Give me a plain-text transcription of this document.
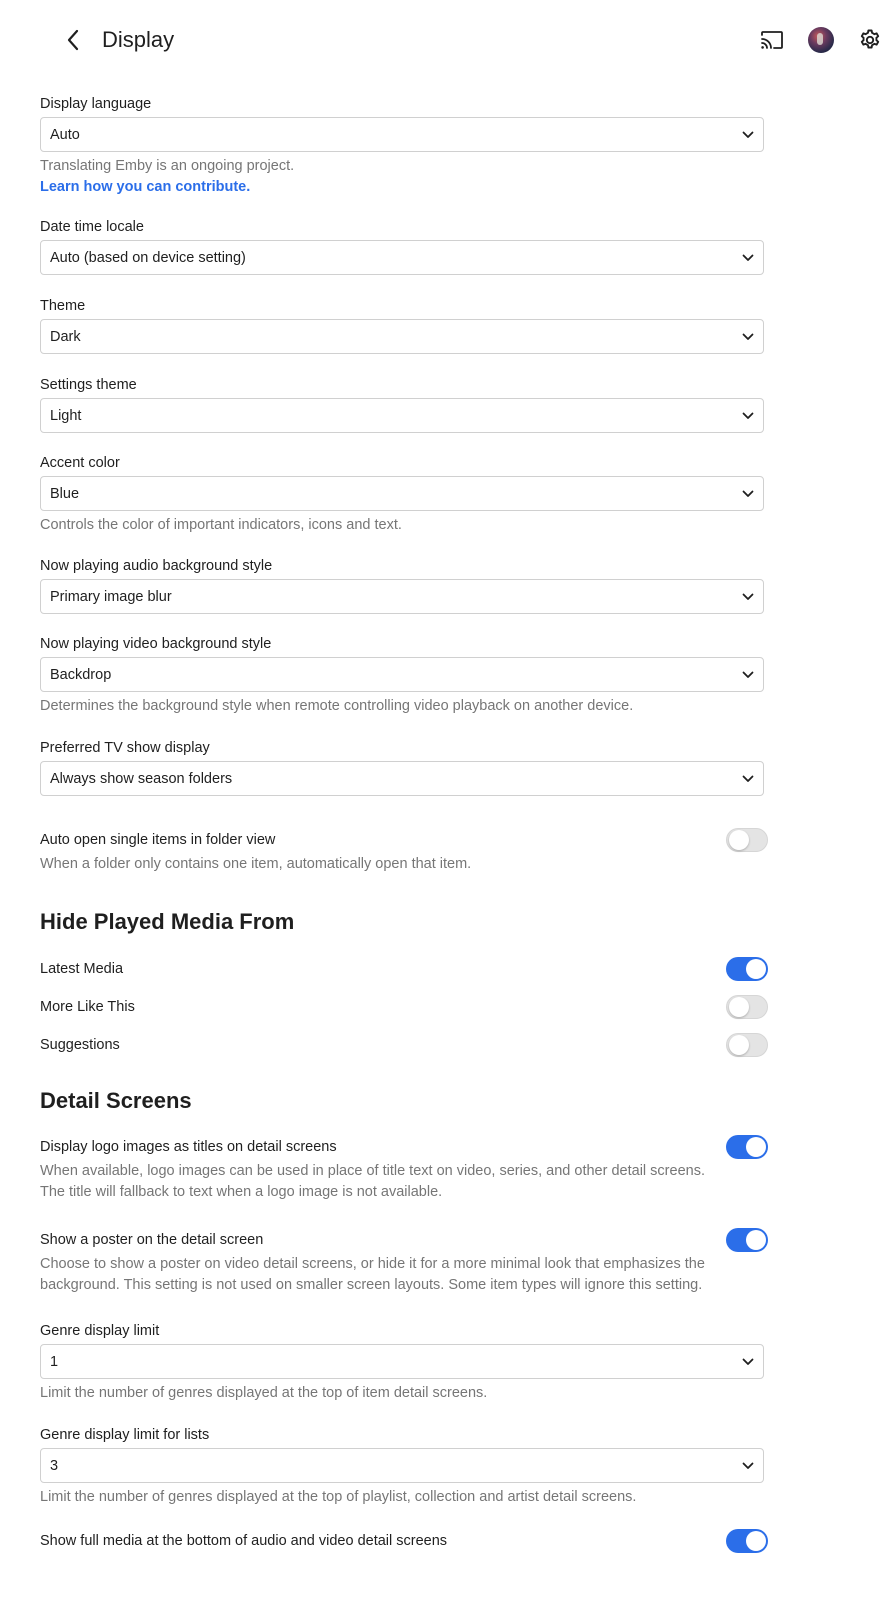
Display
Display language
Auto
Translating Emby is an ongoing project.
Learn how you can contribute.
Date time locale
Auto (based on device setting)
Theme
Dark
Settings theme
Light
Accent color
Blue
Controls the color of important indicators, icons and text.
Now playing audio background style
Primary image blur
Now playing video background style
Backdrop
Determines the background style when remote controlling video playback on another device.
Preferred TV show display
Always show season folders
Auto open single items in folder view
When a folder only contains one item, automatically open that item.
Hide Played Media From
Latest Media
More Like This
Suggestions
Detail Screens
Display logo images as titles on detail screens
When available, logo images can be used in place of title text on video, series, and other detail screens.
The title will fallback to text when a logo image is not available.
Show a poster on the detail screen
Choose to show a poster on video detail screens, or hide it for a more minimal look that emphasizes the
background. This setting is not used on smaller screen layouts. Some item types will ignore this setting.
Genre display limit
1
Limit the number of genres displayed at the top of item detail screens.
Genre display limit for lists
3
Limit the number of genres displayed at the top of playlist, collection and artist detail screens.
Show full media at the bottom of audio and video detail screens
